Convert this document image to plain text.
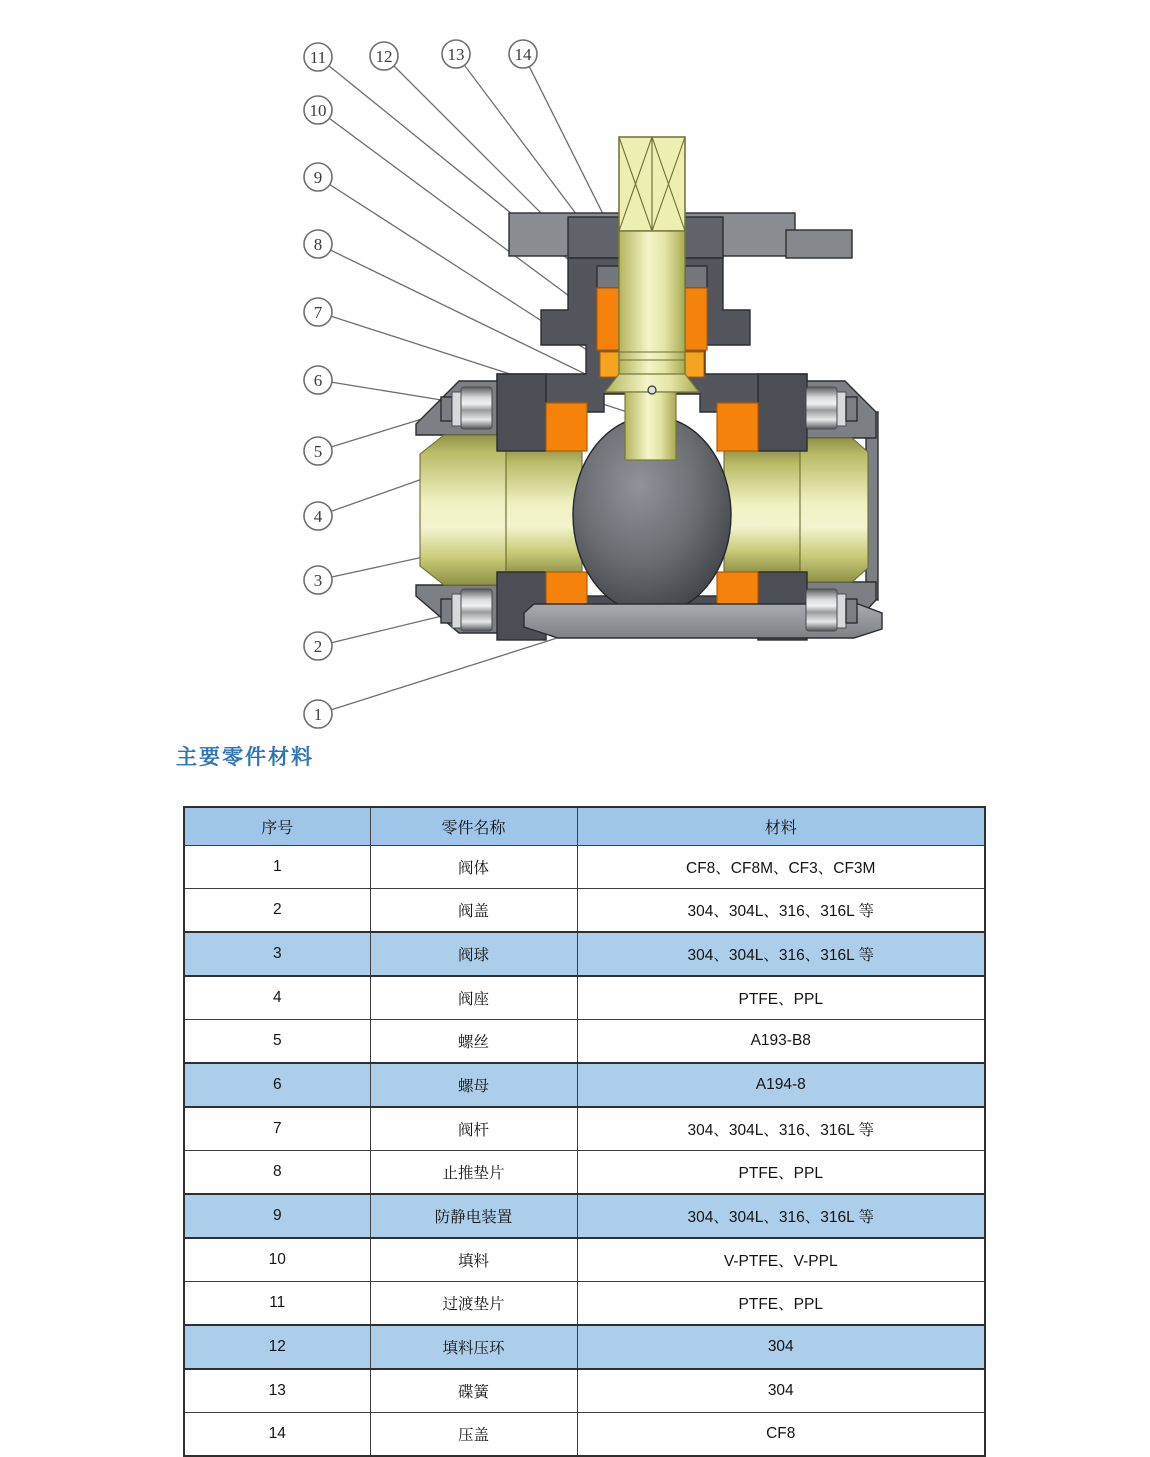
11	12	13	14
10
9
8
7
6
5
4
3
2
1
主要零件材料
序号	零件名称	材料
1	阀体	CF8、CF8M、CF3、CF3M
2	阀盖	304、304L、316、316L 等
3	阀球	304、304L、316、316L 等
4	阀座	PTFE、PPL
5	螺丝	A193-B8
6	螺母	A194-8
7	阀杆	304、304L、316、316L 等
8	止推垫片	PTFE、PPL
9	防静电装置	304、304L、316、316L 等
10	填料	V-PTFE、V-PPL
11	过渡垫片	PTFE、PPL
12	填料压环	304
13	碟簧	304
14	压盖	CF8
